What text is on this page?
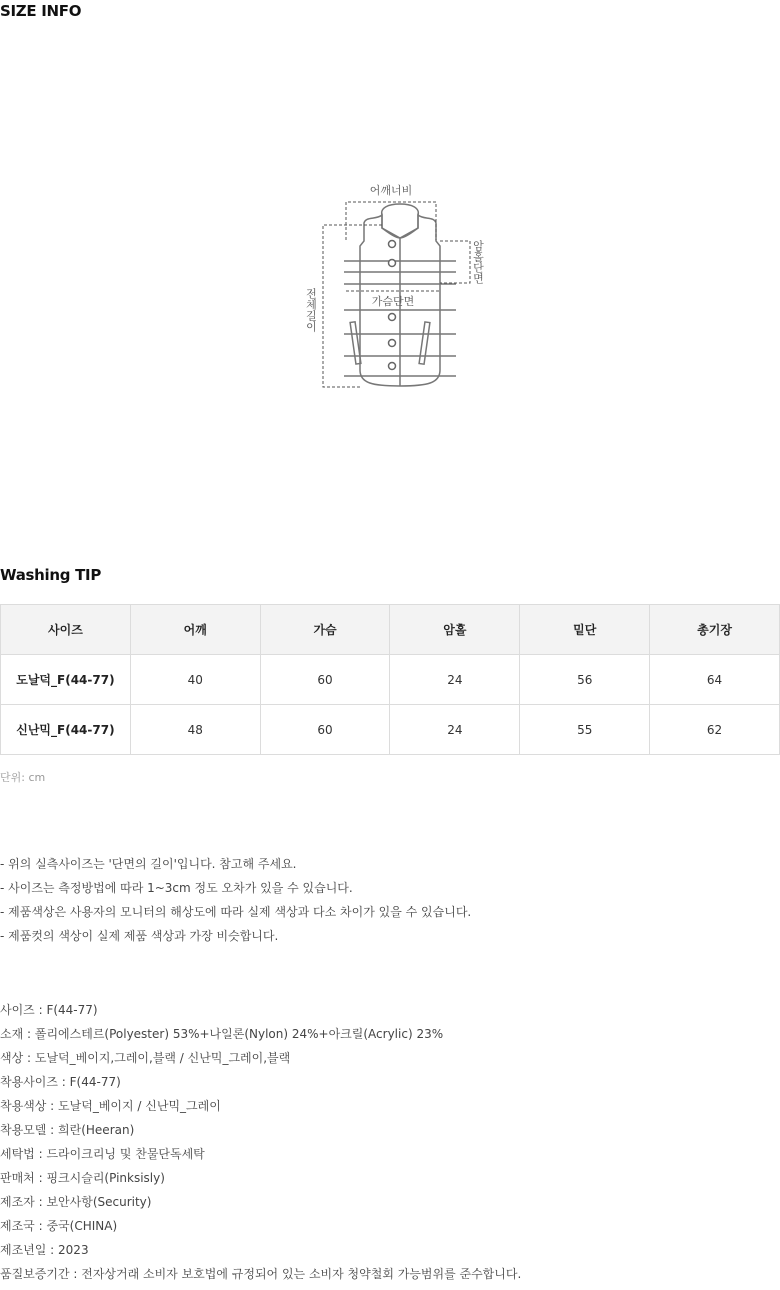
SIZE INFO
어깨너비
가슴단면
암홀단면
전체길이
Washing TIP
사이즈	어깨	가슴	암홀	밑단	총기장
도날덕_F(44-77)	40	60	24	56	64
신난믹_F(44-77)	48	60	24	55	62
단위: cm
- 위의 실측사이즈는 '단면의 길이'입니다. 참고해 주세요.
- 사이즈는 측정방법에 따라 1~3cm 정도 오차가 있을 수 있습니다.
- 제품색상은 사용자의 모니터의 해상도에 따라 실제 색상과 다소 차이가 있을 수 있습니다.
- 제품컷의 색상이 실제 제품 색상과 가장 비슷합니다.
사이즈 : F(44-77)
소재 : 폴리에스테르(Polyester) 53%+나일론(Nylon) 24%+아크릴(Acrylic) 23%
색상 : 도날덕_베이지,그레이,블랙 / 신난믹_그레이,블랙
착용사이즈 : F(44-77)
착용색상 : 도날덕_베이지 / 신난믹_그레이
착용모델 : 희란(Heeran)
세탁법 : 드라이크리닝 및 찬물단독세탁
판매처 : 핑크시슬리(Pinksisly)
제조자 : 보안사항(Security)
제조국 : 중국(CHINA)
제조년일 : 2023
품질보증기간 : 전자상거래 소비자 보호법에 규정되어 있는 소비자 청약철회 가능범위를 준수합니다.
